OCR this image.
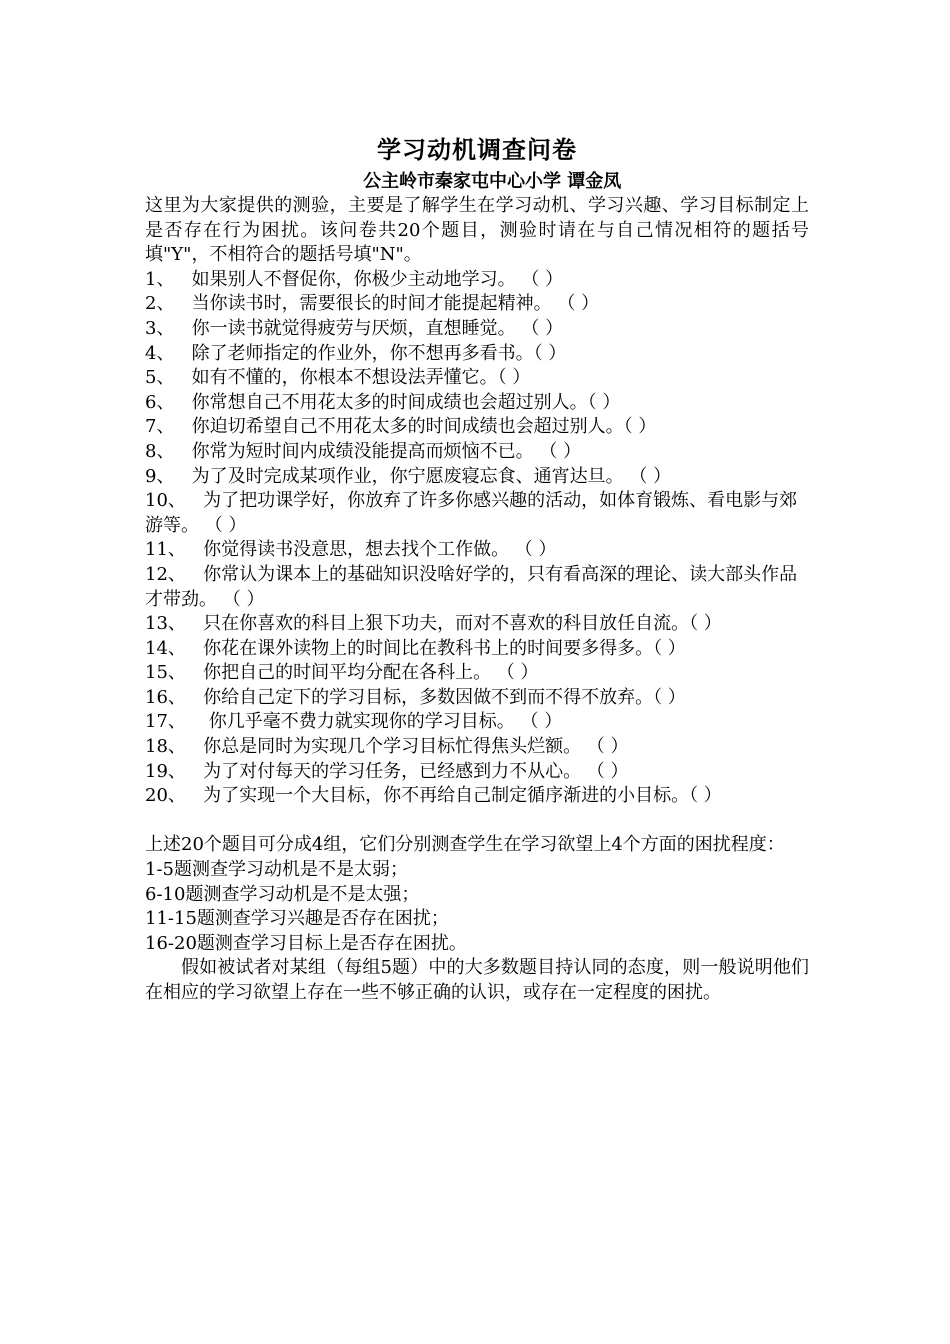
学习动机调查问卷

公主岭市秦家屯中心小学 谭金凤

这里为大家提供的测验，主要是了解学生在学习动机、学习兴趣、学习目标制定上是否存在行为困扰。该问卷共20个题目，测验时请在与自己情况相符的题括号填"Y"，不相符合的题括号填"N"。

1、 如果别人不督促你，你极少主动地学习。 （ ）
2、 当你读书时，需要很长的时间才能提起精神。 （ ）
3、 你一读书就觉得疲劳与厌烦，直想睡觉。 （ ）
4、 除了老师指定的作业外，你不想再多看书。（ ）
5、 如有不懂的，你根本不想设法弄懂它。（ ）
6、 你常想自己不用花太多的时间成绩也会超过别人。（ ）
7、 你迫切希望自己不用花太多的时间成绩也会超过别人。（ ）
8、 你常为短时间内成绩没能提高而烦恼不已。 （ ）
9、 为了及时完成某项作业，你宁愿废寝忘食、通宵达旦。 （ ）
10、 为了把功课学好，你放弃了许多你感兴趣的活动，如体育锻炼、看电影与郊游等。 （ ）
11、 你觉得读书没意思，想去找个工作做。 （ ）
12、 你常认为课本上的基础知识没啥好学的，只有看高深的理论、读大部头作品才带劲。 （ ）
13、 只在你喜欢的科目上狠下功夫，而对不喜欢的科目放任自流。（ ）
14、 你花在课外读物上的时间比在教科书上的时间要多得多。（ ）
15、 你把自己的时间平均分配在各科上。 （ ）
16、 你给自己定下的学习目标，多数因做不到而不得不放弃。（ ）
17、 你几乎毫不费力就实现你的学习目标。 （ ）
18、 你总是同时为实现几个学习目标忙得焦头烂额。 （ ）
19、 为了对付每天的学习任务，已经感到力不从心。 （ ）
20、 为了实现一个大目标，你不再给自己制定循序渐进的小目标。（ ）

上述20个题目可分成4组，它们分别测查学生在学习欲望上4个方面的困扰程度：

1-5题测查学习动机是不是太弱；
6-10题测查学习动机是不是太强；
11-15题测查学习兴趣是否存在困扰；
16-20题测查学习目标上是否存在困扰。

假如被试者对某组（每组5题）中的大多数题目持认同的态度，则一般说明他们在相应的学习欲望上存在一些不够正确的认识，或存在一定程度的困扰。
